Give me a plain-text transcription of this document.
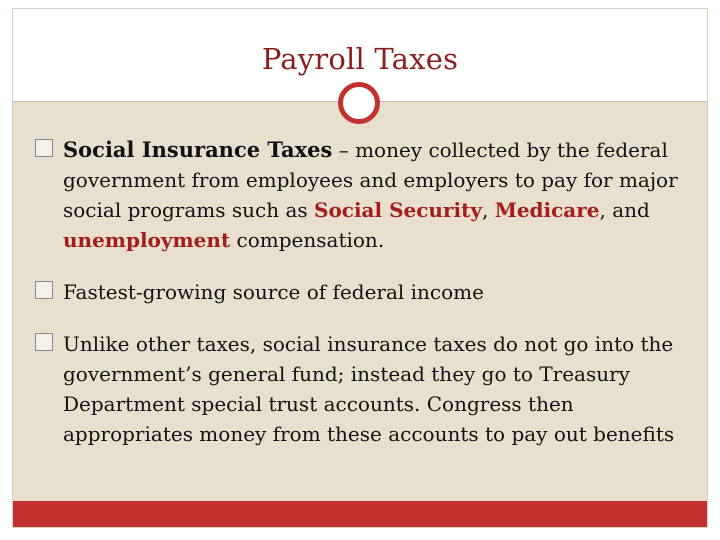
Payroll Taxes
Social Insurance Taxes – money collected by the federal government from employees and employers to pay for major social programs such as Social Security, Medicare, and unemployment compensation.
Fastest-growing source of federal income
Unlike other taxes, social insurance taxes do not go into the government’s general fund; instead they go to Treasury Department special trust accounts. Congress then appropriates money from these accounts to pay out benefits
